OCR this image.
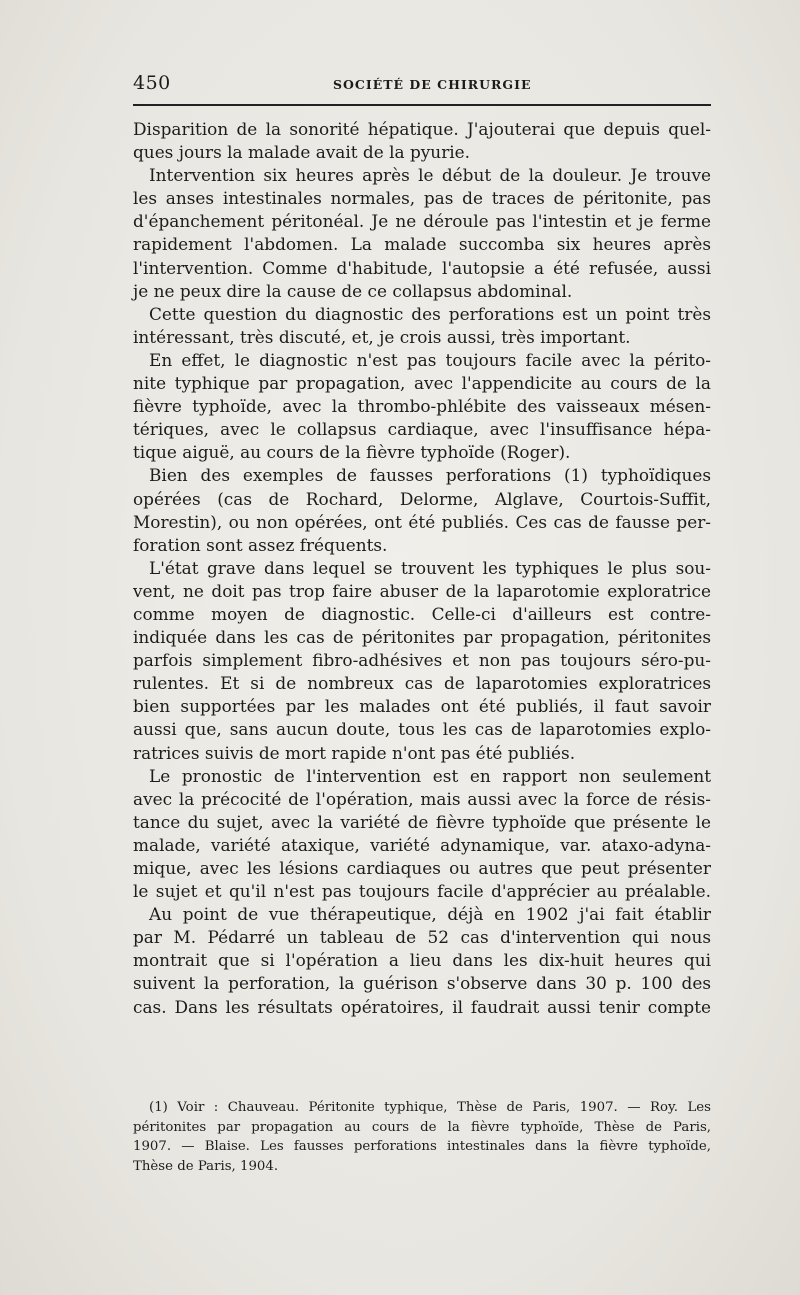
450	SOCIÉTÉ DE CHIRURGIE
Disparition de la sonorité hépatique. J'ajouterai que depuis quel-
ques jours la malade avait de la pyurie.
Intervention six heures après le début de la douleur. Je trouve
les anses intestinales normales, pas de traces de péritonite, pas
d'épanchement péritonéal. Je ne déroule pas l'intestin et je ferme
rapidement l'abdomen. La malade succomba six heures après
l'intervention. Comme d'habitude, l'autopsie a été refusée, aussi
je ne peux dire la cause de ce collapsus abdominal.
Cette question du diagnostic des perforations est un point très
intéressant, très discuté, et, je crois aussi, très important.
En effet, le diagnostic n'est pas toujours facile avec la périto-
nite typhique par propagation, avec l'appendicite au cours de la
fièvre typhoïde, avec la thrombo-phlébite des vaisseaux mésen-
tériques, avec le collapsus cardiaque, avec l'insuffisance hépa-
tique aiguë, au cours de la fièvre typhoïde (Roger).
Bien des exemples de fausses perforations (1) typhoïdiques
opérées (cas de Rochard, Delorme, Alglave, Courtois-Suffit,
Morestin), ou non opérées, ont été publiés. Ces cas de fausse per-
foration sont assez fréquents.
L'état grave dans lequel se trouvent les typhiques le plus sou-
vent, ne doit pas trop faire abuser de la laparotomie exploratrice
comme moyen de diagnostic. Celle-ci d'ailleurs est contre-
indiquée dans les cas de péritonites par propagation, péritonites
parfois simplement fibro-adhésives et non pas toujours séro-pu-
rulentes. Et si de nombreux cas de laparotomies exploratrices
bien supportées par les malades ont été publiés, il faut savoir
aussi que, sans aucun doute, tous les cas de laparotomies explo-
ratrices suivis de mort rapide n'ont pas été publiés.
Le pronostic de l'intervention est en rapport non seulement
avec la précocité de l'opération, mais aussi avec la force de résis-
tance du sujet, avec la variété de fièvre typhoïde que présente le
malade, variété ataxique, variété adynamique, var. ataxo-adyna-
mique, avec les lésions cardiaques ou autres que peut présenter
le sujet et qu'il n'est pas toujours facile d'apprécier au préalable.
Au point de vue thérapeutique, déjà en 1902 j'ai fait établir
par M. Pédarré un tableau de 52 cas d'intervention qui nous
montrait que si l'opération a lieu dans les dix-huit heures qui
suivent la perforation, la guérison s'observe dans 30 p. 100 des
cas. Dans les résultats opératoires, il faudrait aussi tenir compte
(1) Voir : Chauveau. Péritonite typhique, Thèse de Paris, 1907. — Roy. Les
péritonites par propagation au cours de la fièvre typhoïde, Thèse de Paris,
1907. — Blaise. Les fausses perforations intestinales dans la fièvre typhoïde,
Thèse de Paris, 1904.
